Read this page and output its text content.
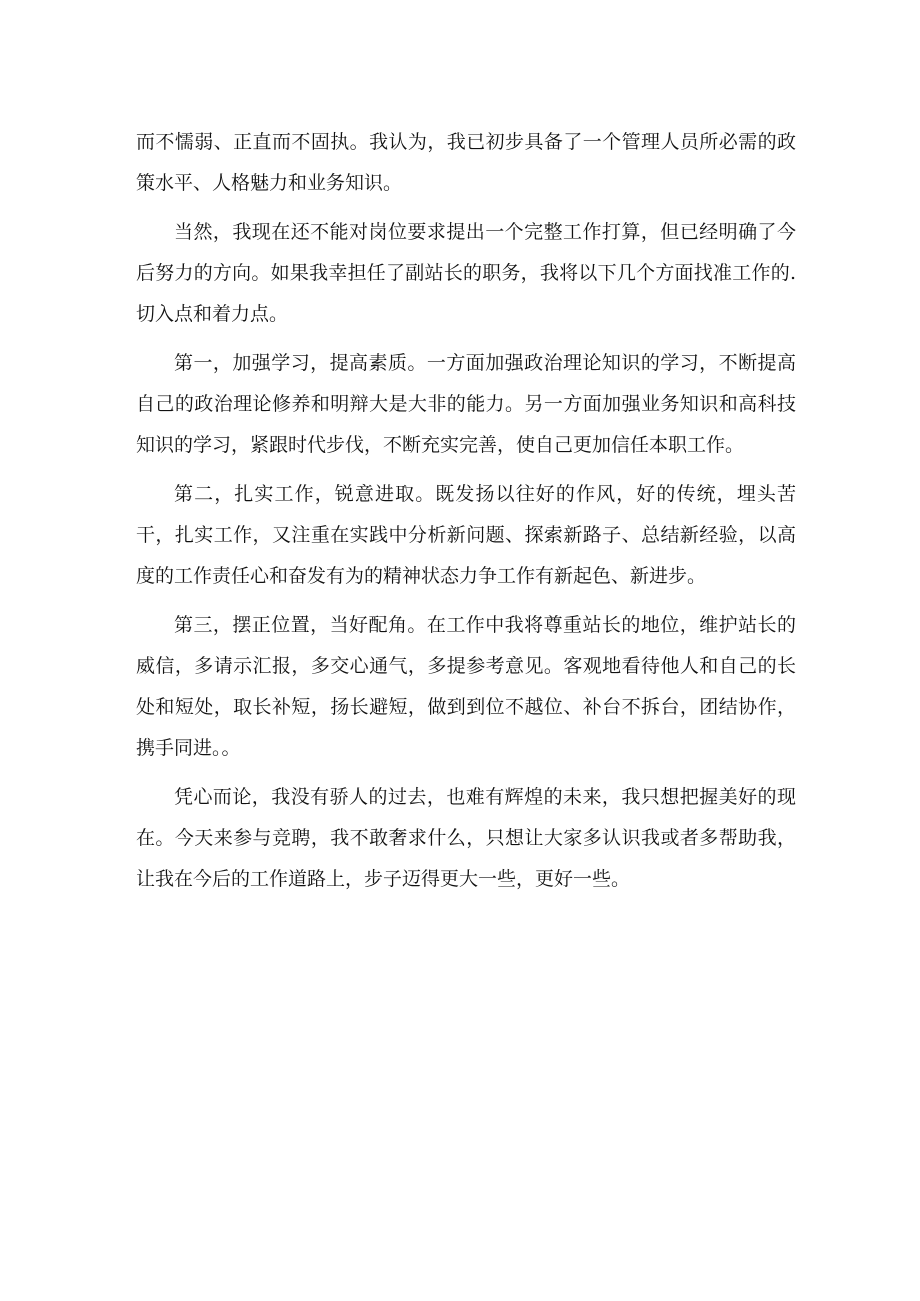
而不懦弱、正直而不固执。我认为，我已初步具备了一个管理人员所必需的政策水平、人格魅力和业务知识。

当然，我现在还不能对岗位要求提出一个完整工作打算，但已经明确了今后努力的方向。如果我幸担任了副站长的职务，我将以下几个方面找准工作的.切入点和着力点。

第一，加强学习，提高素质。一方面加强政治理论知识的学习，不断提高自己的政治理论修养和明辩大是大非的能力。另一方面加强业务知识和高科技知识的学习，紧跟时代步伐，不断充实完善，使自己更加信任本职工作。

第二，扎实工作，锐意进取。既发扬以往好的作风，好的传统，埋头苦干，扎实工作，又注重在实践中分析新问题、探索新路子、总结新经验，以高度的工作责任心和奋发有为的精神状态力争工作有新起色、新进步。

第三，摆正位置，当好配角。在工作中我将尊重站长的地位，维护站长的威信，多请示汇报，多交心通气，多提参考意见。客观地看待他人和自己的长处和短处，取长补短，扬长避短，做到到位不越位、补台不拆台，团结协作，携手同进。。

凭心而论，我没有骄人的过去，也难有辉煌的未来，我只想把握美好的现在。今天来参与竞聘，我不敢奢求什么，只想让大家多认识我或者多帮助我，让我在今后的工作道路上，步子迈得更大一些，更好一些。
